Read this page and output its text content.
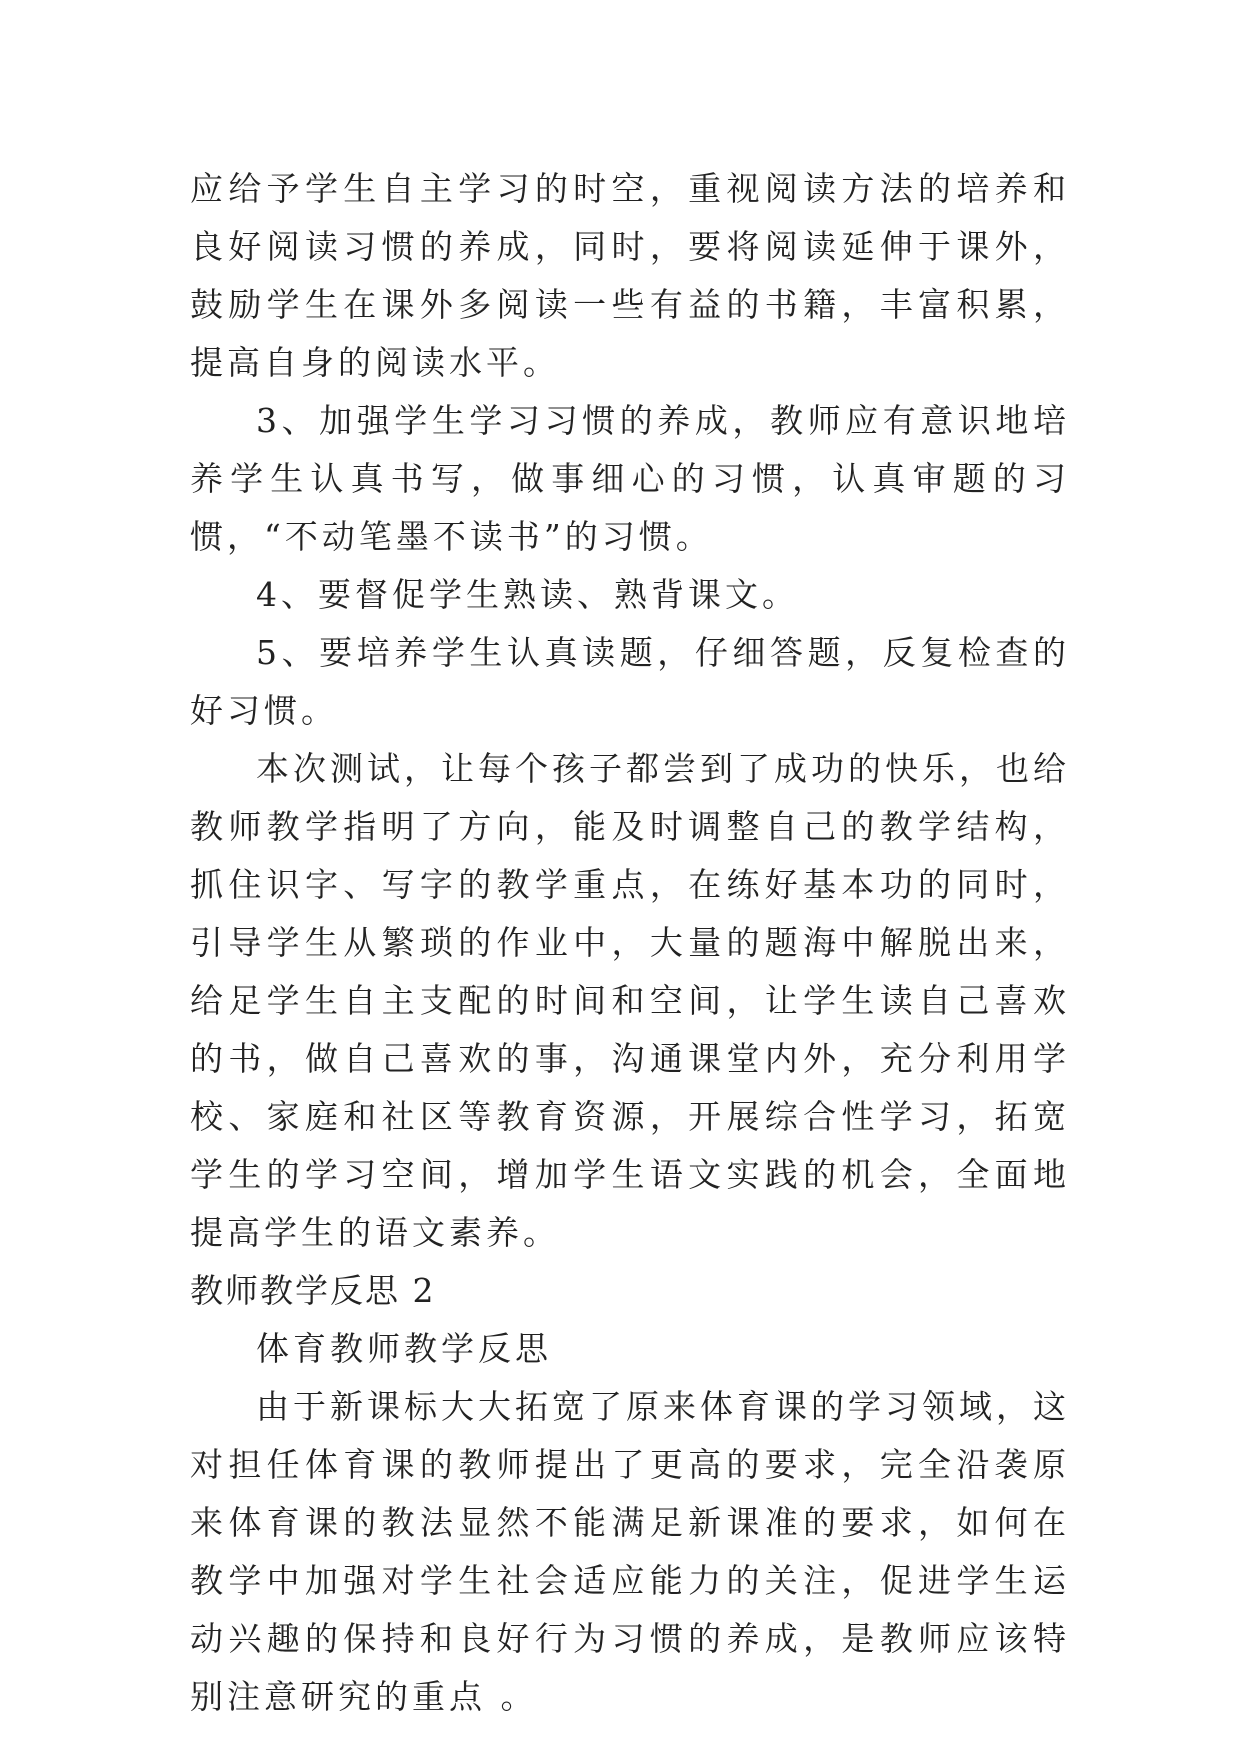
应给予学生自主学习的时空，重视阅读方法的培养和良好阅读习惯的养成，同时，要将阅读延伸于课外，鼓励学生在课外多阅读一些有益的书籍，丰富积累，提高自身的阅读水平。

3、加强学生学习习惯的养成，教师应有意识地培养学生认真书写，做事细心的习惯，认真审题的习惯，“不动笔墨不读书”的习惯。

4、要督促学生熟读、熟背课文。

5、要培养学生认真读题，仔细答题，反复检查的好习惯。

本次测试，让每个孩子都尝到了成功的快乐，也给教师教学指明了方向，能及时调整自己的教学结构，抓住识字、写字的教学重点，在练好基本功的同时，引导学生从繁琐的作业中，大量的题海中解脱出来，给足学生自主支配的时间和空间，让学生读自己喜欢的书，做自己喜欢的事，沟通课堂内外，充分利用学校、家庭和社区等教育资源，开展综合性学习，拓宽学生的学习空间，增加学生语文实践的机会，全面地提高学生的语文素养。

教师教学反思 2

体育教师教学反思

由于新课标大大拓宽了原来体育课的学习领域，这对担任体育课的教师提出了更高的要求，完全沿袭原来体育课的教法显然不能满足新课准的要求，如何在教学中加强对学生社会适应能力的关注，促进学生运动兴趣的保持和良好行为习惯的养成，是教师应该特别注意研究的重点 。
